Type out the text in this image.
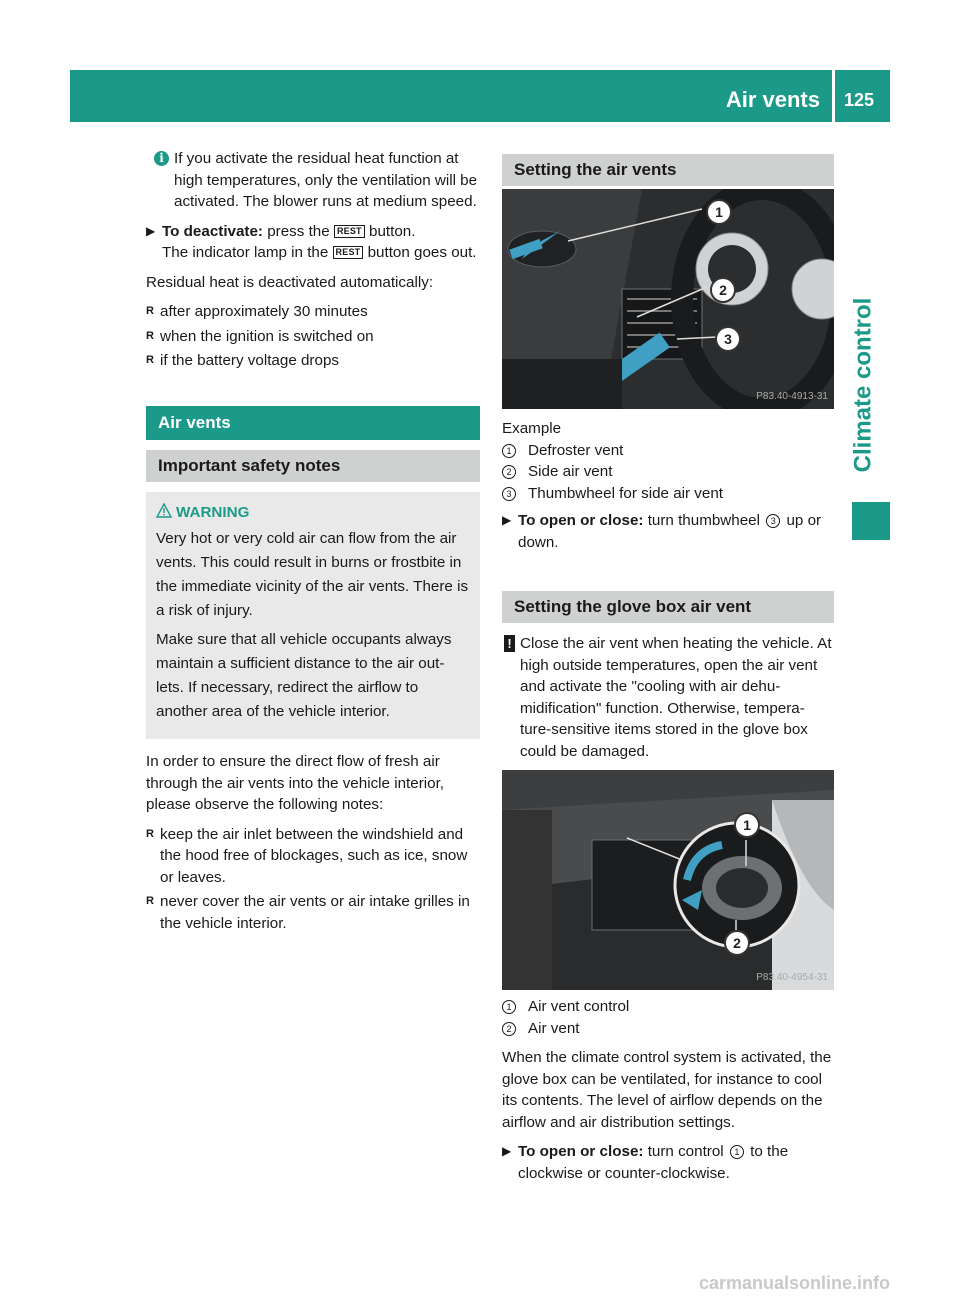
Air vents 125
Climate control
i If you activate the residual heat function at high temperatures, only the ventilation will be activated. The blower runs at medium speed.

▶ To deactivate: press the REST button.
The indicator lamp in the REST button goes out.

Residual heat is deactivated automatically:

R after approximately 30 minutes
R when the ignition is switched on
R if the battery voltage drops
Air vents
Important safety notes
WARNING

Very hot or very cold air can flow from the air vents. This could result in burns or frostbite in the immediate vicinity of the air vents. There is a risk of injury.

Make sure that all vehicle occupants always maintain a sufficient distance to the air out-lets. If necessary, redirect the airflow to another area of the vehicle interior.

In order to ensure the direct flow of fresh air through the air vents into the vehicle interior, please observe the following notes:

R keep the air inlet between the windshield and the hood free of blockages, such as ice, snow or leaves.
R never cover the air vents or air intake grilles in the vehicle interior.
Setting the air vents
1
2
3
P83.40-4913-31

Example

1 Defroster vent
2 Side air vent
3 Thumbwheel for side air vent
▶ To open or close: turn thumbwheel 3 up or down.

Setting the glove box air vent
! Close the air vent when heating the vehicle. At high outside temperatures, open the air vent and activate the "cooling with air dehu-midification" function. Otherwise, tempera-ture-sensitive items stored in the glove box could be damaged.

1
2
P83.40-4954-31
1 Air vent control
2 Air vent

When the climate control system is activated, the glove box can be ventilated, for instance to cool its contents. The level of airflow depends on the airflow and air distribution settings.

▶ To open or close: turn control 1 to the clockwise or counter-clockwise.

carmanualsonline.info
